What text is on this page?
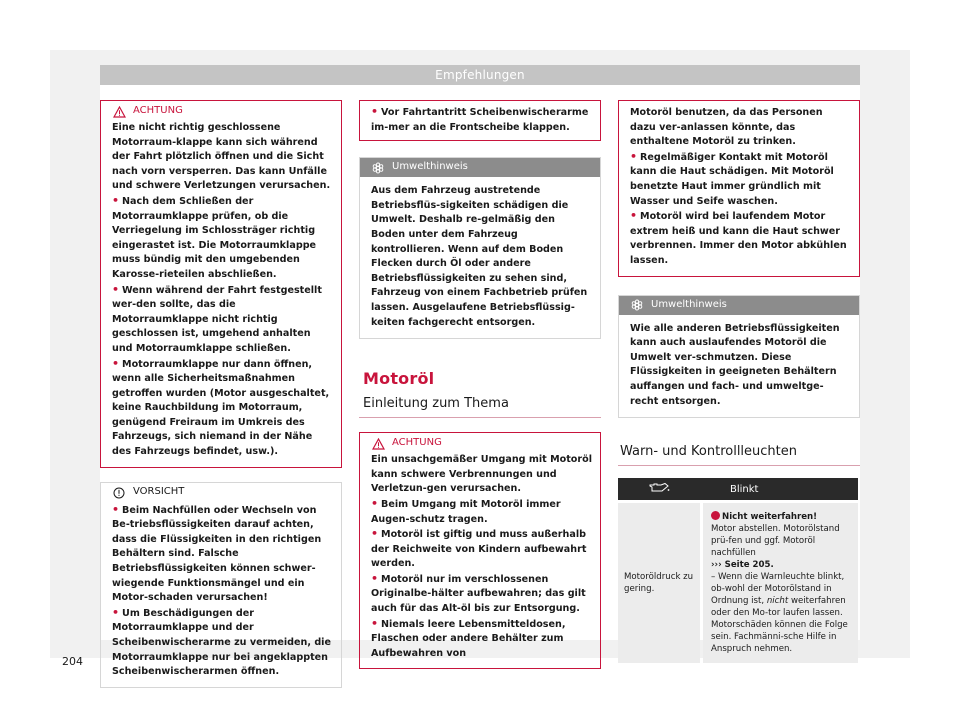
Empfehlungen
ACHTUNG

Eine nicht richtig geschlossene Motorraum-klappe kann sich während der Fahrt plötzlich öffnen und die Sicht nach vorn versperren. Das kann Unfälle und schwere Verletzungen verursachen.

• Nach dem Schließen der Motorraumklappe prüfen, ob die Verriegelung im Schlossträger richtig eingerastet ist. Die Motorraumklappe muss bündig mit den umgebenden Karosse-rieteilen abschließen.

• Wenn während der Fahrt festgestellt wer-den sollte, das die Motorraumklappe nicht richtig geschlossen ist, umgehend anhalten und Motorraumklappe schließen.

• Motorraumklappe nur dann öffnen, wenn alle Sicherheitsmaßnahmen getroffen wurden (Motor ausgeschaltet, keine Rauchbildung im Motorraum, genügend Freiraum im Umkreis des Fahrzeugs, sich niemand in der Nähe des Fahrzeugs befindet, usw.).

VORSICHT

• Beim Nachfüllen oder Wechseln von Be-triebsflüssigkeiten darauf achten, dass die Flüssigkeiten in den richtigen Behältern sind. Falsche Betriebsflüssigkeiten können schwer-wiegende Funktionsmängel und ein Motor-schaden verursachen!

• Um Beschädigungen der Motorraumklappe und der Scheibenwischerarme zu vermeiden, die Motorraumklappe nur bei angeklappten Scheibenwischerarmen öffnen.

• Vor Fahrtantritt Scheibenwischerarme im-mer an die Frontscheibe klappen.

Umwelthinweis

Aus dem Fahrzeug austretende Betriebsflüs-sigkeiten schädigen die Umwelt. Deshalb re-gelmäßig den Boden unter dem Fahrzeug kontrollieren. Wenn auf dem Boden Flecken durch Öl oder andere Betriebsflüssigkeiten zu sehen sind, Fahrzeug von einem Fachbetrieb prüfen lassen. Ausgelaufene Betriebsflüssig-keiten fachgerecht entsorgen.

Motoröl
Einleitung zum Thema
ACHTUNG

Ein unsachgemäßer Umgang mit Motoröl kann schwere Verbrennungen und Verletzun-gen verursachen.

• Beim Umgang mit Motoröl immer Augen-schutz tragen.

• Motoröl ist giftig und muss außerhalb der Reichweite von Kindern aufbewahrt werden.

• Motoröl nur im verschlossenen Originalbe-hälter aufbewahren; das gilt auch für das Alt-öl bis zur Entsorgung.

• Niemals leere Lebensmitteldosen, Flaschen oder andere Behälter zum Aufbewahren von

Motoröl benutzen, da das Personen dazu ver-anlassen könnte, das enthaltene Motoröl zu trinken.

• Regelmäßiger Kontakt mit Motoröl kann die Haut schädigen. Mit Motoröl benetzte Haut immer gründlich mit Wasser und Seife waschen.

• Motoröl wird bei laufendem Motor extrem heiß und kann die Haut schwer verbrennen. Immer den Motor abkühlen lassen.

Umwelthinweis

Wie alle anderen Betriebsflüssigkeiten kann auch auslaufendes Motoröl die Umwelt ver-schmutzen. Diese Flüssigkeiten in geeigneten Behältern auffangen und fach- und umweltge-recht entsorgen.

Warn- und Kontrollleuchten
Blinkt
Motoröldruck zu gering.
Nicht weiterfahren!
Motor abstellen. Motorölstand prü-fen und ggf. Motoröl nachfüllen
››› Seite 205.
– Wenn die Warnleuchte blinkt, ob-wohl der Motorölstand in Ordnung ist, nicht weiterfahren oder den Mo-tor laufen lassen. Motorschäden können die Folge sein. Fachmänni-sche Hilfe in Anspruch nehmen.
204
